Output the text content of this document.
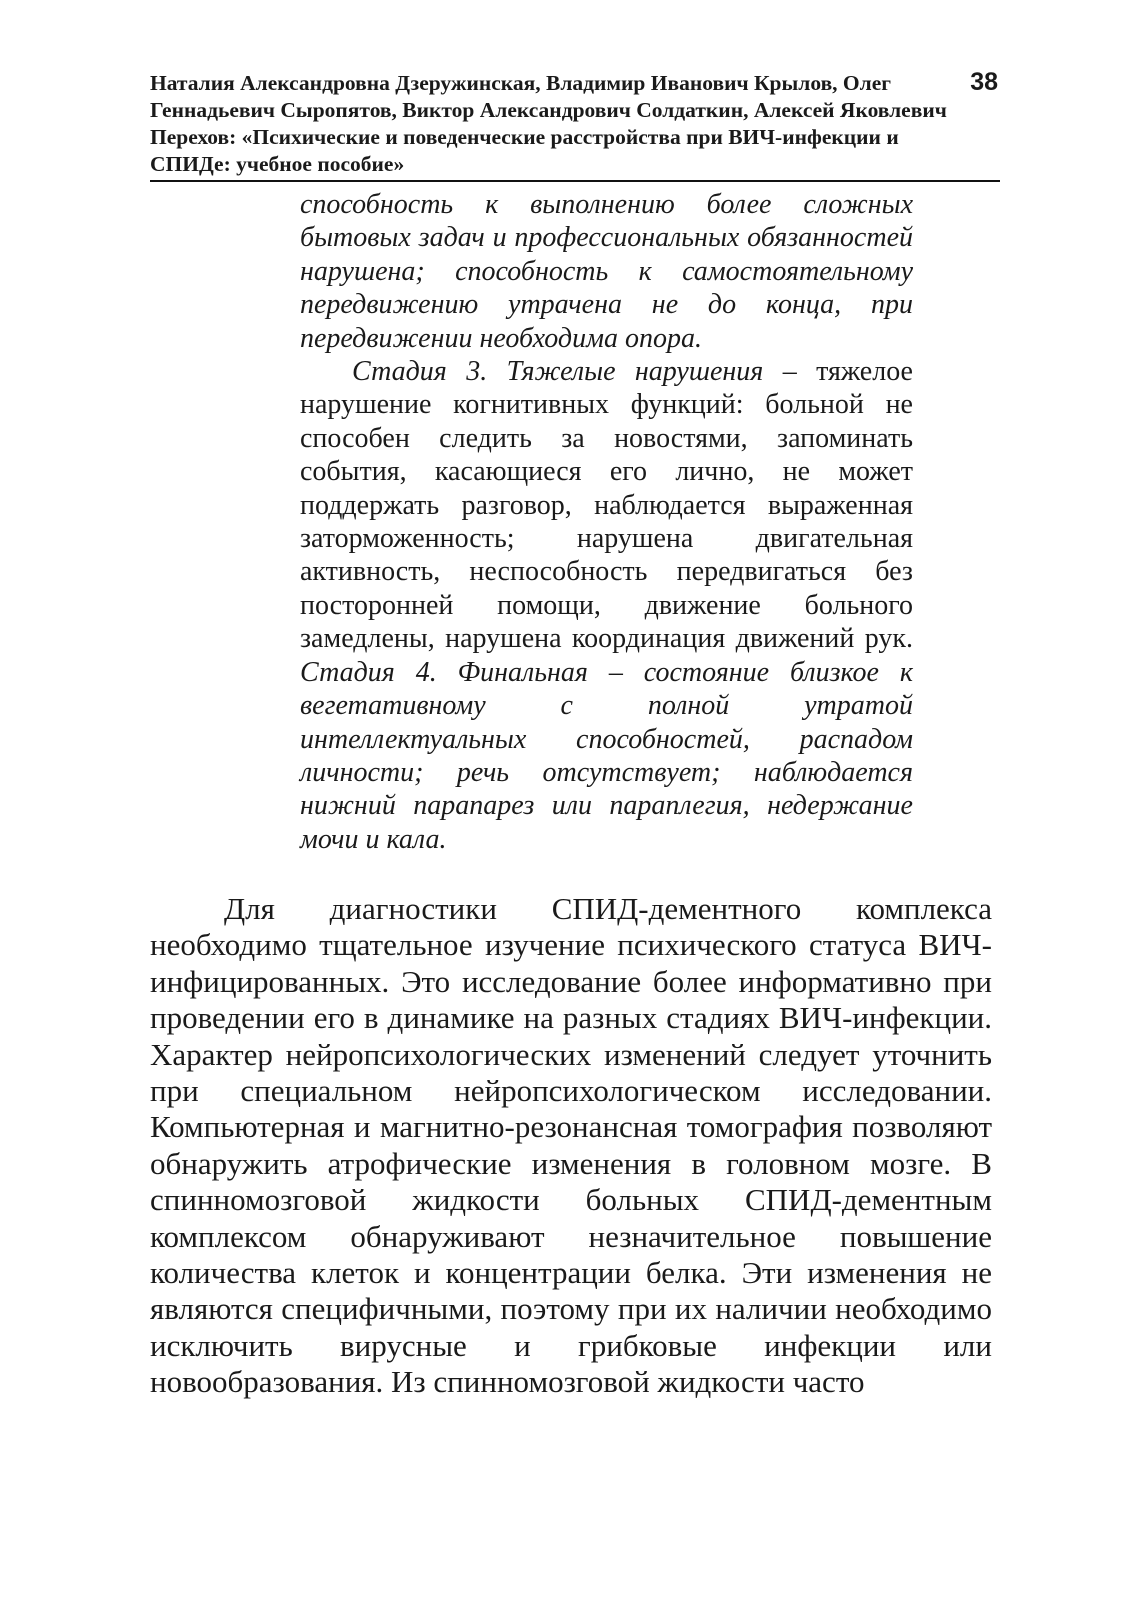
Наталия Александровна Дзеружинская, Владимир Иванович Крылов, Олег Геннадьевич Сыропятов, Виктор Александрович Солдаткин, Алексей Яковлевич Перехов: «Психические и поведенческие расстройства при ВИЧ-инфекции и СПИДе: учебное пособие»

38

способность к выполнению более сложных бытовых задач и профессиональных обязанностей нарушена; способность к самостоятельному передвижению утрачена не до конца, при передвижении необходима опора.

Стадия 3. Тяжелые нарушения – тяжелое нарушение когнитивных функций: больной не способен следить за новостями, запоминать события, касающиеся его лично, не может поддержать разговор, наблюдается выраженная заторможенность; нарушена двигательная активность, неспособность передвигаться без посторонней помощи, движение больного замедлены, нарушена координация движений рук. Стадия 4. Финальная – состояние близкое к вегетативному с полной утратой интеллектуальных способностей, распадом личности; речь отсутствует; наблюдается нижний парапарез или параплегия, недержание мочи и кала.

Для диагностики СПИД-дементного комплекса необходимо тщательное изучение психического статуса ВИЧ-инфицированных. Это исследование более информативно при проведении его в динамике на разных стадиях ВИЧ-инфекции. Характер нейропсихологических изменений следует уточнить при специальном нейропсихологическом исследовании. Компьютерная и магнитно-резонансная томография позволяют обнаружить атрофические изменения в головном мозге. В спинномозговой жидкости больных СПИД-дементным комплексом обнаруживают незначительное повышение количества клеток и концентрации белка. Эти изменения не являются специфичными, поэтому при их наличии необходимо исключить вирусные и грибковые инфекции или новообразования. Из спинномозговой жидкости часто
